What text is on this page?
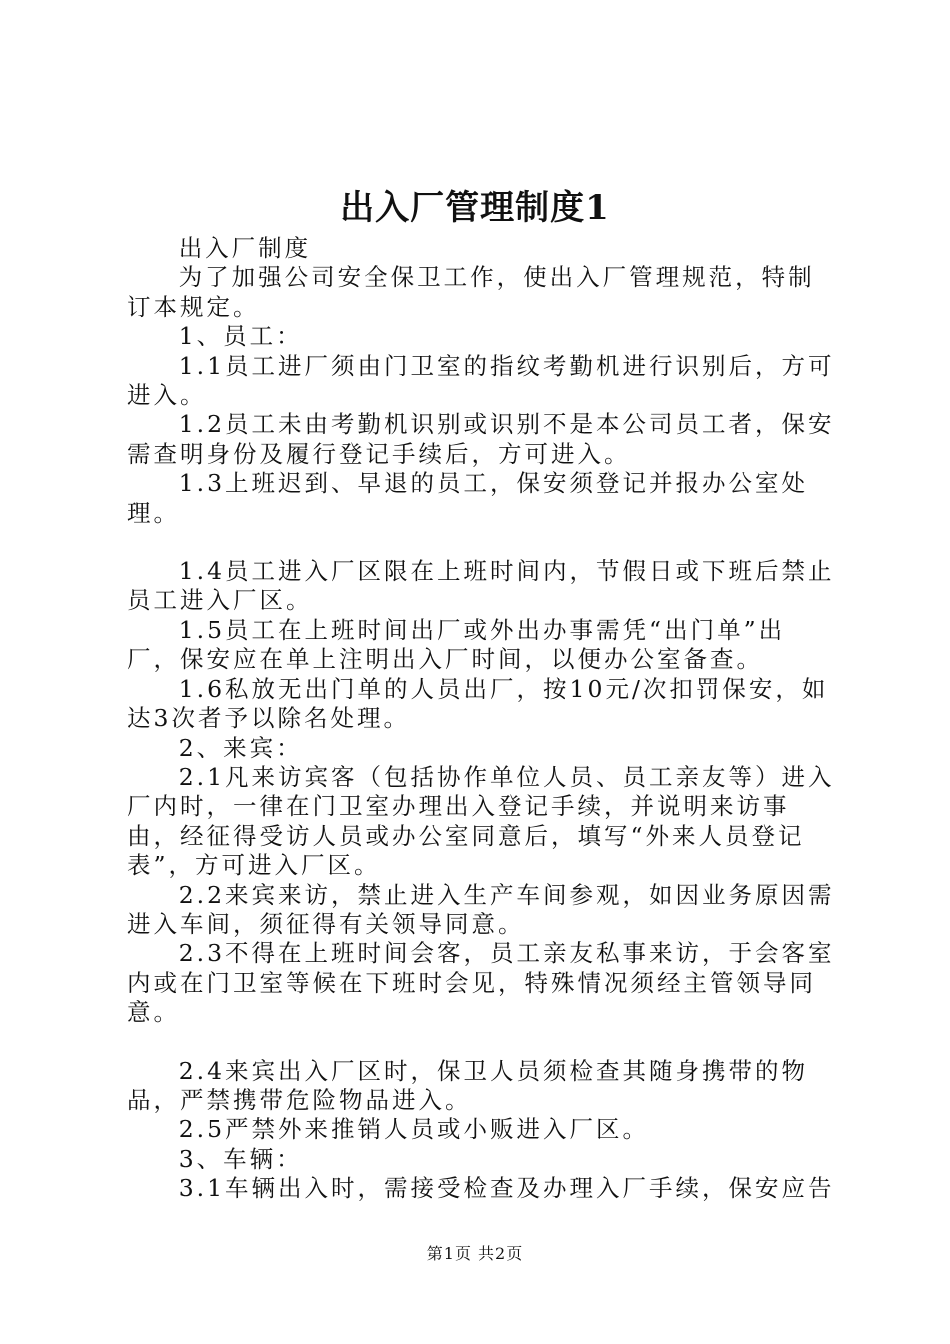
出入厂管理制度1

出入厂制度

为了加强公司安全保卫工作，使出入厂管理规范，特制订本规定。

1、员工：

1.1员工进厂须由门卫室的指纹考勤机进行识别后，方可进入。

1.2员工未由考勤机识别或识别不是本公司员工者，保安需查明身份及履行登记手续后，方可进入。

1.3上班迟到、早退的员工，保安须登记并报办公室处理。

1.4员工进入厂区限在上班时间内，节假日或下班后禁止员工进入厂区。

1.5员工在上班时间出厂或外出办事需凭“出门单”出厂，保安应在单上注明出入厂时间，以便办公室备查。

1.6私放无出门单的人员出厂，按10元/次扣罚保安，如达3次者予以除名处理。

2、来宾：

2.1凡来访宾客（包括协作单位人员、员工亲友等）进入厂内时，一律在门卫室办理出入登记手续，并说明来访事由，经征得受访人员或办公室同意后，填写“外来人员登记表”，方可进入厂区。

2.2来宾来访，禁止进入生产车间参观，如因业务原因需进入车间，须征得有关领导同意。

2.3不得在上班时间会客，员工亲友私事来访，于会客室内或在门卫室等候在下班时会见，特殊情况须经主管领导同意。

2.4来宾出入厂区时，保卫人员须检查其随身携带的物品，严禁携带危险物品进入。

2.5严禁外来推销人员或小贩进入厂区。

3、车辆：

3.1车辆出入时，需接受检查及办理入厂手续，保安应告

第1页 共2页
